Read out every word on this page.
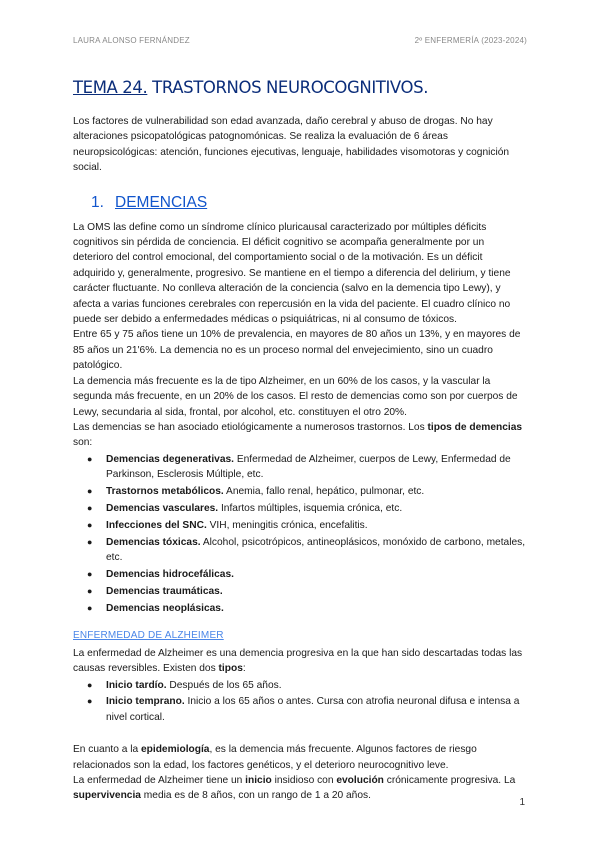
LAURA ALONSO FERNÁNDEZ	2º ENFERMERÍA (2023-2024)
TEMA 24. TRASTORNOS NEUROCOGNITIVOS.

Los factores de vulnerabilidad son edad avanzada, daño cerebral y abuso de drogas. No hay alteraciones psicopatológicas patognomónicas. Se realiza la evaluación de 6 áreas neuropsicológicas: atención, funciones ejecutivas, lenguaje, habilidades visomotoras y cognición social.

1. DEMENCIAS

La OMS las define como un síndrome clínico pluricausal caracterizado por múltiples déficits cognitivos sin pérdida de conciencia. El déficit cognitivo se acompaña generalmente por un deterioro del control emocional, del comportamiento social o de la motivación. Es un déficit adquirido y, generalmente, progresivo. Se mantiene en el tiempo a diferencia del delirium, y tiene carácter fluctuante. No conlleva alteración de la conciencia (salvo en la demencia tipo Lewy), y afecta a varias funciones cerebrales con repercusión en la vida del paciente. El cuadro clínico no puede ser debido a enfermedades médicas o psiquiátricas, ni al consumo de tóxicos.

Entre 65 y 75 años tiene un 10% de prevalencia, en mayores de 80 años un 13%, y en mayores de 85 años un 21'6%. La demencia no es un proceso normal del envejecimiento, sino un cuadro patológico.

La demencia más frecuente es la de tipo Alzheimer, en un 60% de los casos, y la vascular la segunda más frecuente, en un 20% de los casos. El resto de demencias como son por cuerpos de Lewy, secundaria al sida, frontal, por alcohol, etc. constituyen el otro 20%.

Las demencias se han asociado etiológicamente a numerosos trastornos. Los tipos de demencias son:

● Demencias degenerativas. Enfermedad de Alzheimer, cuerpos de Lewy, Enfermedad de Parkinson, Esclerosis Múltiple, etc.
● Trastornos metabólicos. Anemia, fallo renal, hepático, pulmonar, etc.
● Demencias vasculares. Infartos múltiples, isquemia crónica, etc.
● Infecciones del SNC. VIH, meningitis crónica, encefalitis.
● Demencias tóxicas. Alcohol, psicotrópicos, antineoplásicos, monóxido de carbono, metales, etc.
● Demencias hidrocefálicas.
● Demencias traumáticas.
● Demencias neoplásicas.
ENFERMEDAD DE ALZHEIMER

La enfermedad de Alzheimer es una demencia progresiva en la que han sido descartadas todas las causas reversibles. Existen dos tipos:

● Inicio tardío. Después de los 65 años.
● Inicio temprano. Inicio a los 65 años o antes. Cursa con atrofia neuronal difusa e intensa a nivel cortical.

En cuanto a la epidemiología, es la demencia más frecuente. Algunos factores de riesgo relacionados son la edad, los factores genéticos, y el deterioro neurocognitivo leve.

La enfermedad de Alzheimer tiene un inicio insidioso con evolución crónicamente progresiva. La supervivencia media es de 8 años, con un rango de 1 a 20 años.

1
